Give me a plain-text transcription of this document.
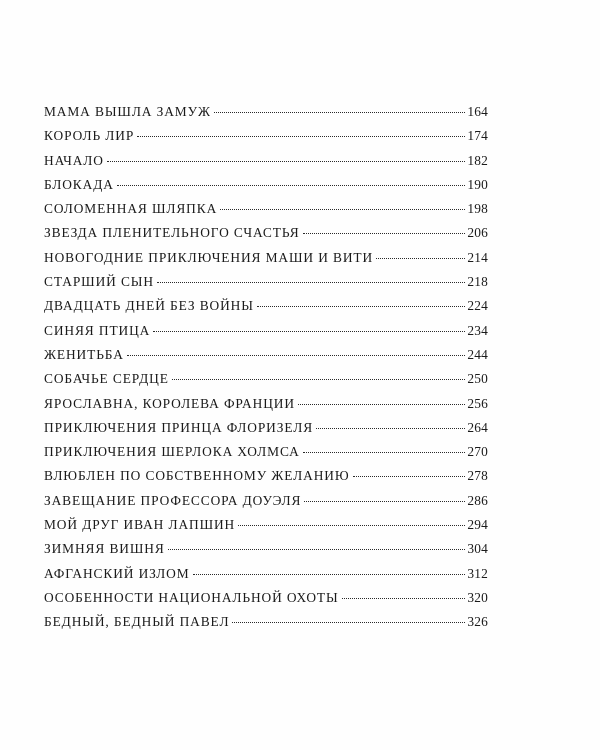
МАМА ВЫШЛА ЗАМУЖ	164
КОРОЛЬ ЛИР	174
НАЧАЛО	182
БЛОКАДА	190
СОЛОМЕННАЯ ШЛЯПКА	198
ЗВЕЗДА ПЛЕНИТЕЛЬНОГО СЧАСТЬЯ	206
НОВОГОДНИЕ ПРИКЛЮЧЕНИЯ МАШИ И ВИТИ	214
СТАРШИЙ СЫН	218
ДВАДЦАТЬ ДНЕЙ БЕЗ ВОЙНЫ	224
СИНЯЯ ПТИЦА	234
ЖЕНИТЬБА	244
СОБАЧЬЕ СЕРДЦЕ	250
ЯРОСЛАВНА, КОРОЛЕВА ФРАНЦИИ	256
ПРИКЛЮЧЕНИЯ ПРИНЦА ФЛОРИЗЕЛЯ	264
ПРИКЛЮЧЕНИЯ ШЕРЛОКА ХОЛМСА	270
ВЛЮБЛЕН ПО СОБСТВЕННОМУ ЖЕЛАНИЮ	278
ЗАВЕЩАНИЕ ПРОФЕССОРА ДОУЭЛЯ	286
МОЙ ДРУГ ИВАН ЛАПШИН	294
ЗИМНЯЯ ВИШНЯ	304
АФГАНСКИЙ ИЗЛОМ	312
ОСОБЕННОСТИ НАЦИОНАЛЬНОЙ ОХОТЫ	320
БЕДНЫЙ, БЕДНЫЙ ПАВЕЛ	326
